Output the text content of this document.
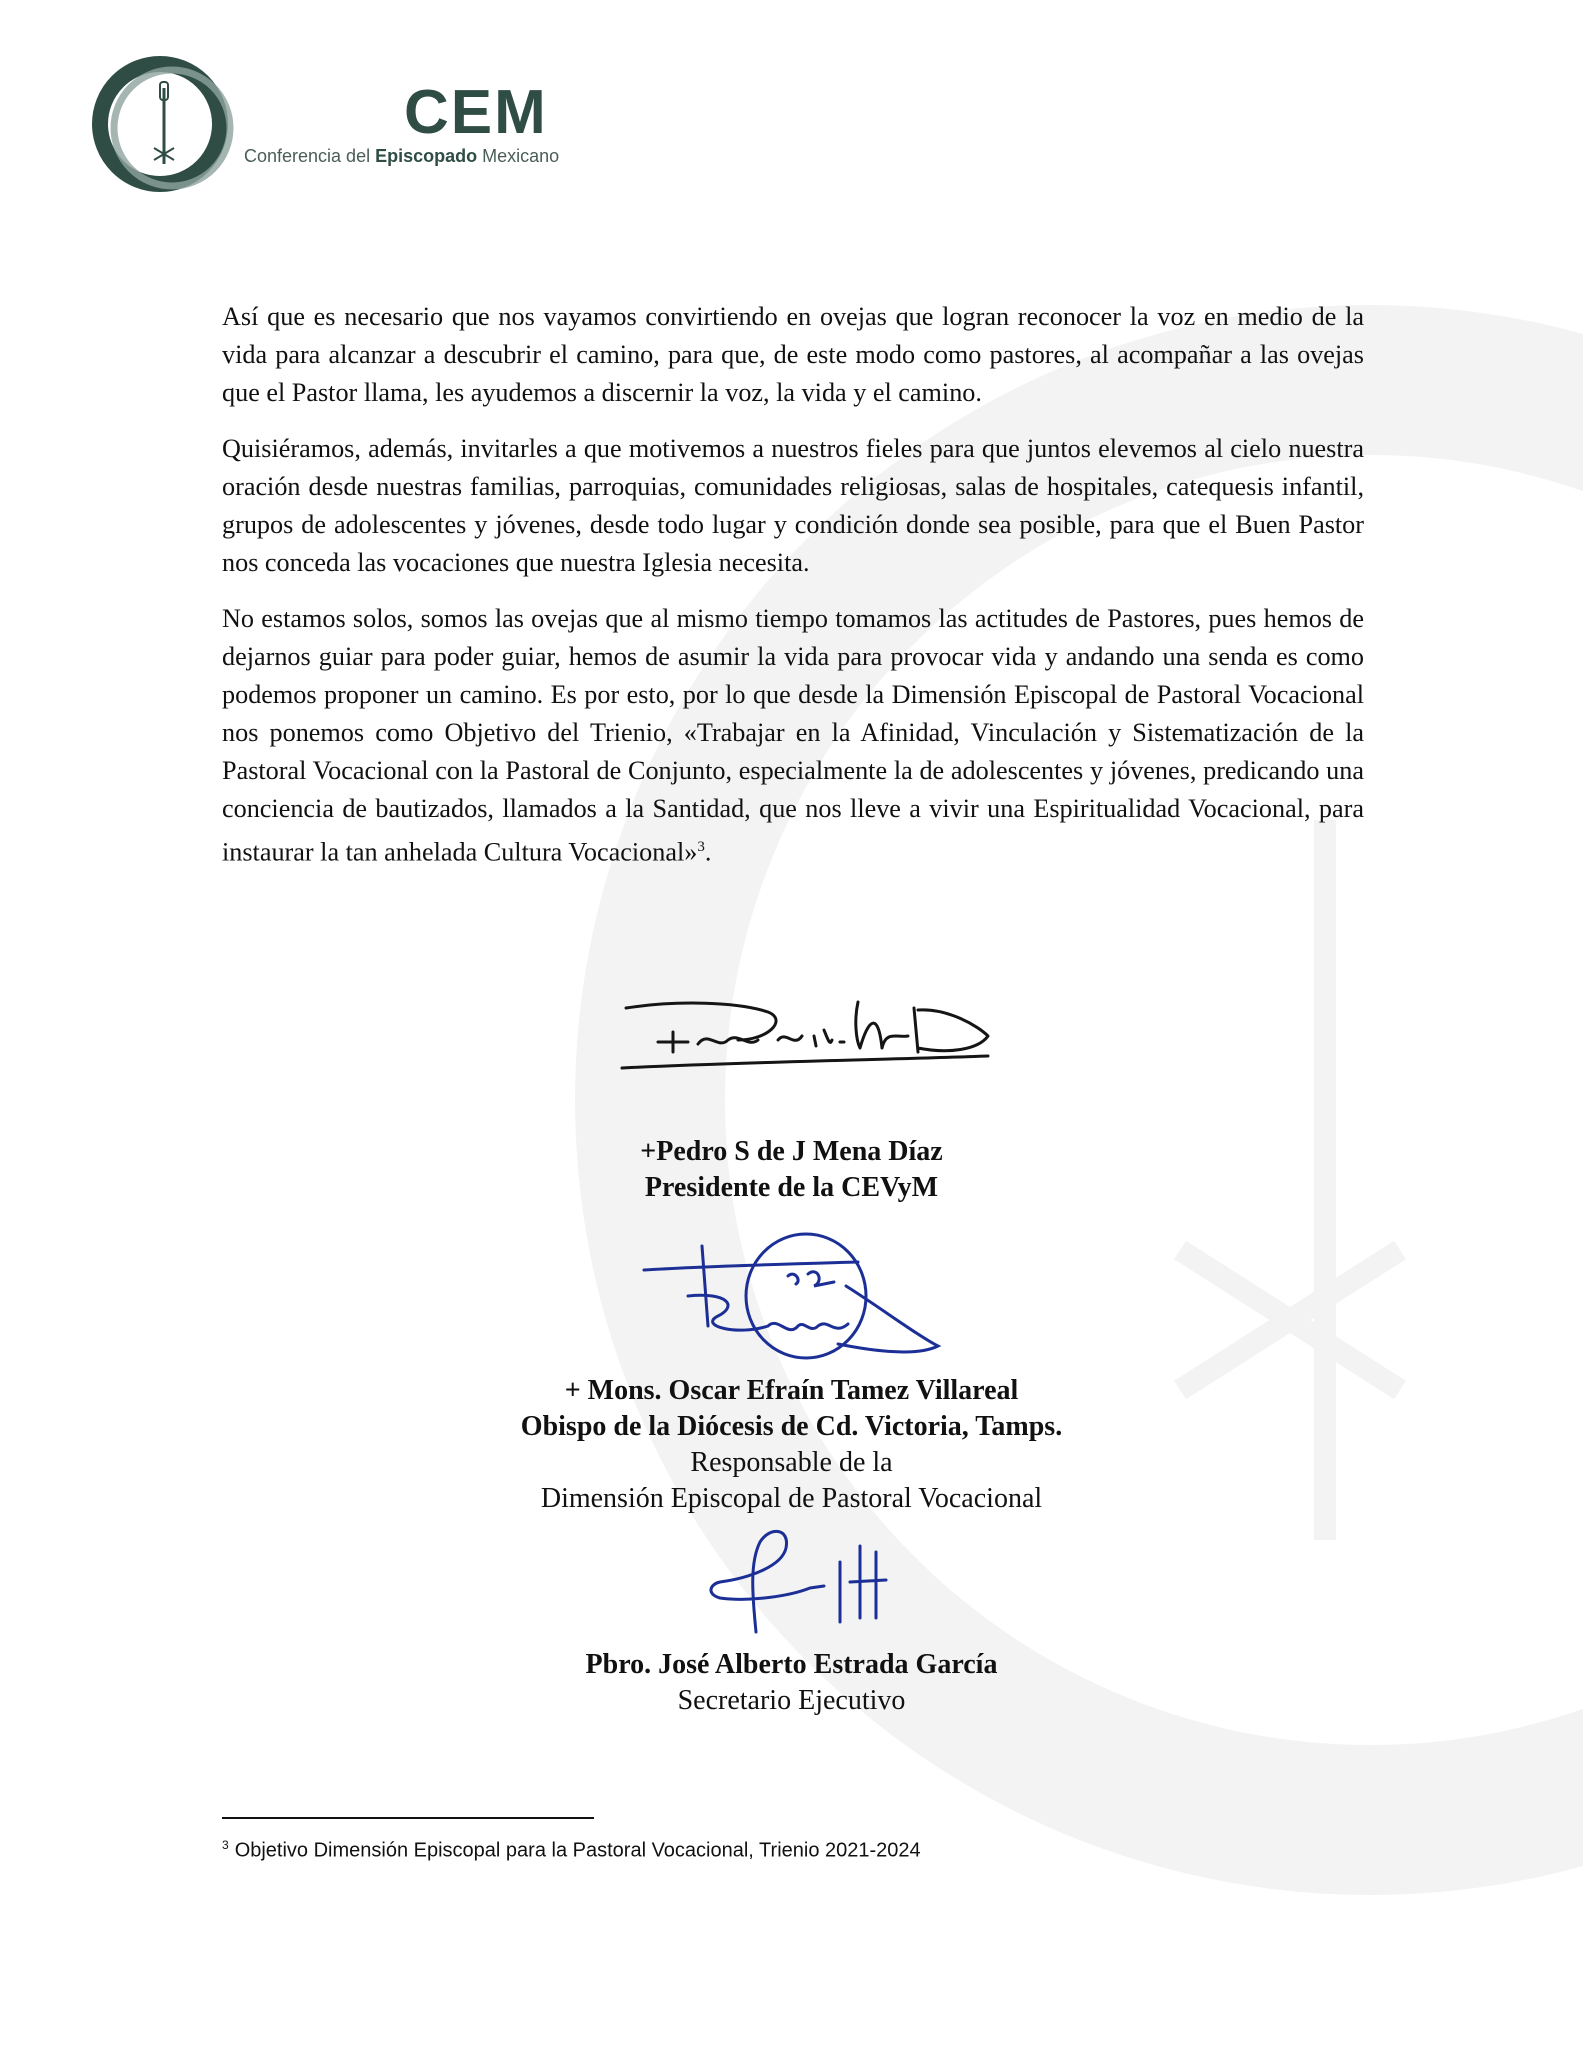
CEM
Conferencia del Episcopado Mexicano

Así que es necesario que nos vayamos convirtiendo en ovejas que logran reconocer la voz en medio de la vida para alcanzar a descubrir el camino, para que, de este modo como pastores, al acompañar a las ovejas que el Pastor llama, les ayudemos a discernir la voz, la vida y el camino.

Quisiéramos, además, invitarles a que motivemos a nuestros fieles para que juntos elevemos al cielo nuestra oración desde nuestras familias, parroquias, comunidades religiosas, salas de hospitales, catequesis infantil, grupos de adolescentes y jóvenes, desde todo lugar y condición donde sea posible, para que el Buen Pastor nos conceda las vocaciones que nuestra Iglesia necesita.

No estamos solos, somos las ovejas que al mismo tiempo tomamos las actitudes de Pastores, pues hemos de dejarnos guiar para poder guiar, hemos de asumir la vida para provocar vida y andando una senda es como podemos proponer un camino. Es por esto, por lo que desde la Dimensión Episcopal de Pastoral Vocacional nos ponemos como Objetivo del Trienio, «Trabajar en la Afinidad, Vinculación y Sistematización de la Pastoral Vocacional con la Pastoral de Conjunto, especialmente la de adolescentes y jóvenes, predicando una conciencia de bautizados, llamados a la Santidad, que nos lleve a vivir una Espiritualidad Vocacional, para instaurar la tan anhelada Cultura Vocacional»$^3$.

+Pedro S de J Mena Díaz
Presidente de la CEVyM
+ Mons. Oscar Efraín Tamez Villareal
Obispo de la Diócesis de Cd. Victoria, Tamps.
Responsable de la
Dimensión Episcopal de Pastoral Vocacional
Pbro. José Alberto Estrada García
Secretario Ejecutivo
$^3$ Objetivo Dimensión Episcopal para la Pastoral Vocacional, Trienio 2021-2024
